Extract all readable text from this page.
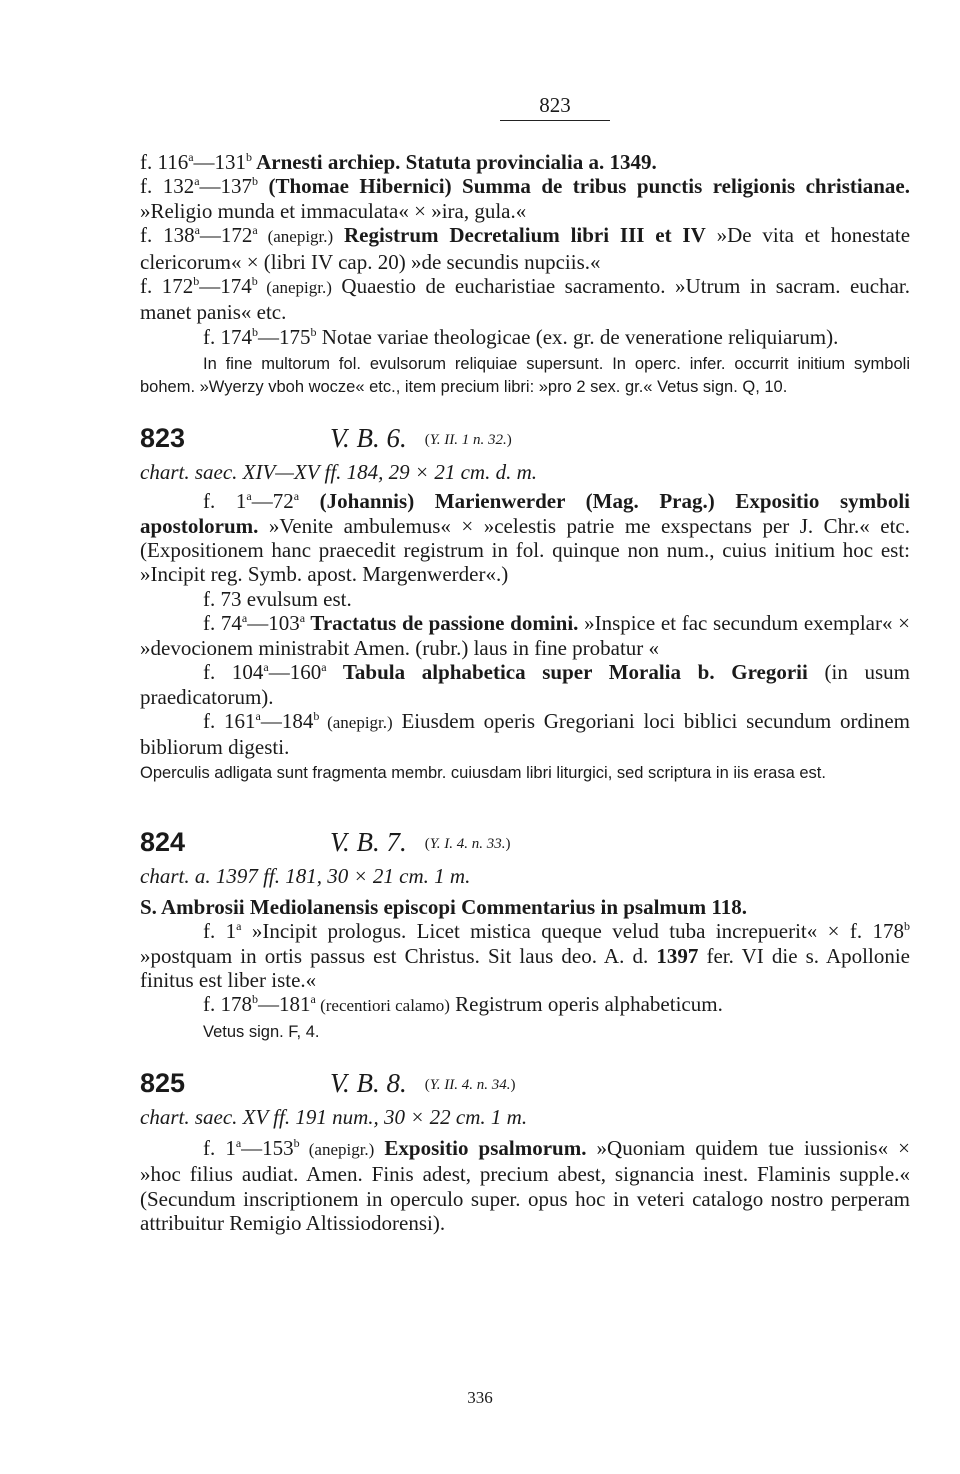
823

f. 116$^a$—131$^b$ Arnesti archiep. Statuta provincialia a. 1349.

f. 132$^a$—137$^b$ (Thomae Hibernici) Summa de tribus punctis religionis christianae. »Religio munda et immaculata« × »ira, gula.«

f. 138$^a$—172$^a$ (anepigr.) Registrum Decretalium libri III et IV »De vita et honestate clericorum« × (libri IV cap. 20) »de secundis nupciis.«

f. 172$^b$—174$^b$ (anepigr.) Quaestio de eucharistiae sacramento. »Utrum in sacram. euchar. manet panis« etc.

f. 174$^b$—175$^b$ Notae variae theologicae (ex. gr. de veneratione reliquiarum).

In fine multorum fol. evulsorum reliquiae supersunt. In operc. infer. occurrit initium symboli bohem. »Wyerzy vboh wocze« etc., item precium libri: »pro 2 sex. gr.« Vetus sign. Q, 10.

823	V. B. 6. (Y. II. 1 n. 32.)

chart. saec. XIV—XV ff. 184, 29 × 21 cm. d. m.

f. 1$^a$—72$^a$ (Johannis) Marienwerder (Mag. Prag.) Expositio symboli apostolorum. »Venite ambulemus« × »celestis patrie me exspectans per J. Chr.« etc. (Expositionem hanc praecedit registrum in fol. quinque non num., cuius initium hoc est: »Incipit reg. Symb. apost. Margenwerder«.)

f. 73 evulsum est.

f. 74$^a$—103$^a$ Tractatus de passione domini. »Inspice et fac secundum exemplar« × »devocionem ministrabit Amen. (rubr.) laus in fine probatur «

f. 104$^a$—160$^a$ Tabula alphabetica super Moralia b. Gregorii (in usum praedicatorum).

f. 161$^a$—184$^b$ (anepigr.) Eiusdem operis Gregoriani loci biblici secundum ordinem bibliorum digesti.

Operculis adligata sunt fragmenta membr. cuiusdam libri liturgici, sed scriptura in iis erasa est.

824	V. B. 7. (Y. I. 4. n. 33.)

chart. a. 1397 ff. 181, 30 × 21 cm. 1 m.

S. Ambrosii Mediolanensis episcopi Commentarius in psalmum 118.

f. 1$^a$ »Incipit prologus. Licet mistica queque velud tuba increpuerit« × f. 178$^b$ »postquam in ortis passus est Christus. Sit laus deo. A. d. 1397 fer. VI die s. Apollonie finitus est liber iste.«

f. 178$^b$—181$^a$ (recentiori calamo) Registrum operis alphabeticum.

Vetus sign. F, 4.

825	V. B. 8. (Y. II. 4. n. 34.)

chart. saec. XV ff. 191 num., 30 × 22 cm. 1 m.

f. 1$^a$—153$^b$ (anepigr.) Expositio psalmorum. »Quoniam quidem tue iussionis« × »hoc filius audiat. Amen. Finis adest, precium abest, signancia inest. Flaminis supple.« (Secundum inscriptionem in operculo super. opus hoc in veteri catalogo nostro perperam attribuitur Remigio Altissiodorensi).

336
